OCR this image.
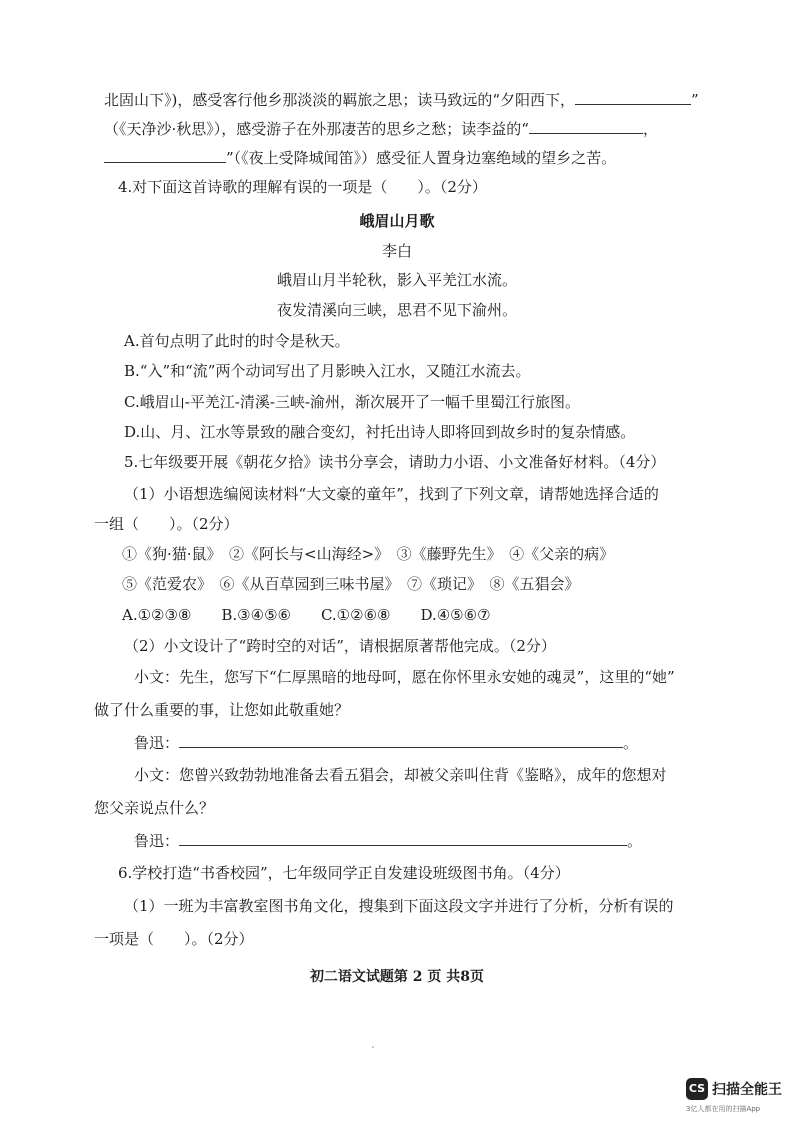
北固山下》)，感受客行他乡那淡淡的羁旅之思；读马致远的“夕阳西下，	”
（《天净沙·秋思》），感受游子在外那凄苦的思乡之愁；读李益的“	，
”（《夜上受降城闻笛》）感受征人置身边塞绝域的望乡之苦。
4.对下面这首诗歌的理解有误的一项是（　　）。（2分）
峨眉山月歌
李白
峨眉山月半轮秋，影入平羌江水流。
夜发清溪向三峡，思君不见下渝州。
A.首句点明了此时的时令是秋天。
B.“入”和“流”两个动词写出了月影映入江水，又随江水流去。
C.峨眉山-平羌江-清溪-三峡-渝州，渐次展开了一幅千里蜀江行旅图。
D.山、月、江水等景致的融合变幻，衬托出诗人即将回到故乡时的复杂情感。
5.七年级要开展《朝花夕拾》读书分享会，请助力小语、小文准备好材料。（4分）
（1）小语想选编阅读材料“大文豪的童年”，找到了下列文章，请帮她选择合适的
一组（　　）。（2分）
①《狗·猫·鼠》　②《阿长与<山海经>》　③《藤野先生》　④《父亲的病》
⑤《范爱农》　⑥《从百草园到三味书屋》　⑦《琐记》　⑧《五猖会》
A.①②③⑧　　B.③④⑤⑥　　C.①②⑥⑧　　D.④⑤⑥⑦
（2）小文设计了“跨时空的对话”，请根据原著帮他完成。（2分）
小文：先生，您写下“仁厚黑暗的地母呵，愿在你怀里永安她的魂灵”，这里的“她”
做了什么重要的事，让您如此敬重她？
鲁迅：	。
小文：您曾兴致勃勃地准备去看五猖会，却被父亲叫住背《鉴略》，成年的您想对
您父亲说点什么？
鲁迅：	。
6.学校打造“书香校园”，七年级同学正自发建设班级图书角。（4分）
（1）一班为丰富教室图书角文化，搜集到下面这段文字并进行了分析，分析有误的
一项是（　　）。（2分）
初二语文试题第 2 页 共8页
CS 扫描全能王
3亿人都在用的扫描App
